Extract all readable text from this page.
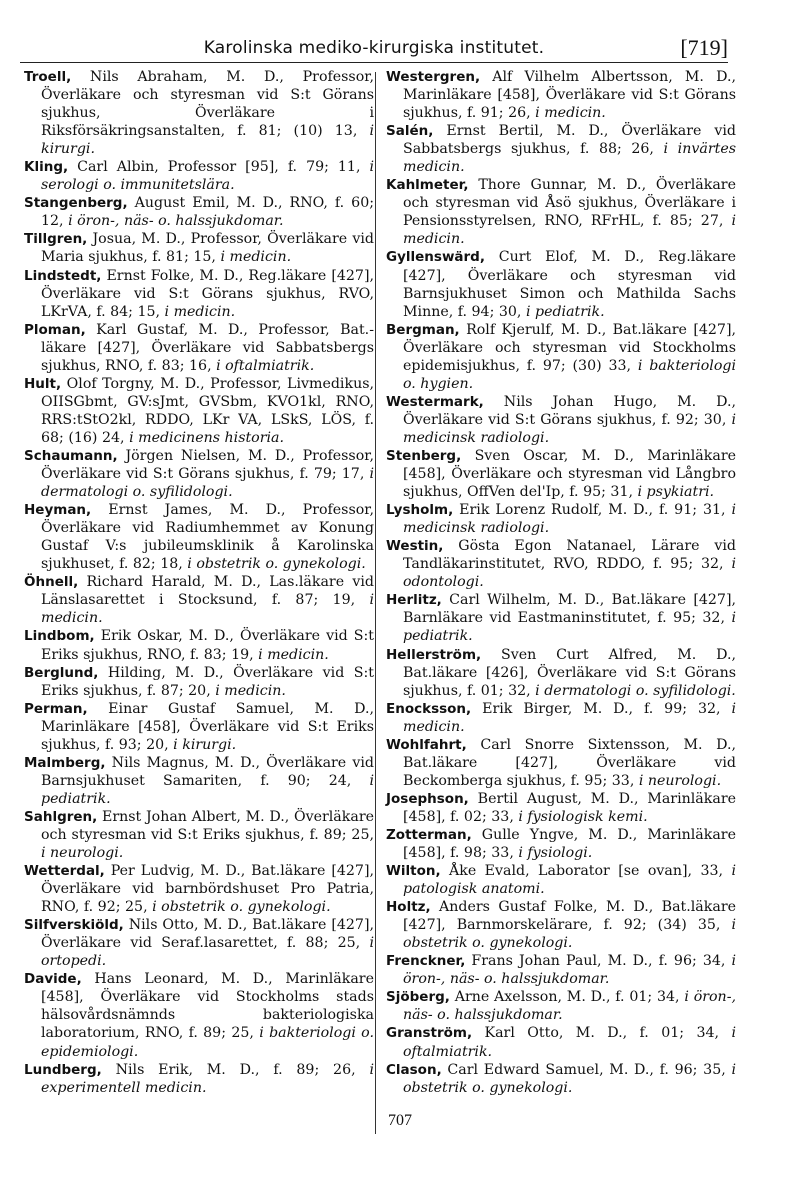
Karolinska mediko-kirurgiska institutet.	[719]
Troell, Nils Abraham, M. D., Professor, Överläkare och styresman vid S:t Görans sjukhus, Överläkare i Riksförsäkringsanstalten, f. 81; (10) 13, i kirurgi.
Kling, Carl Albin, Professor [95], f. 79; 11, i serologi o. immunitetslära.
Stangenberg, August Emil, M. D., RNO, f. 60; 12, i öron-, näs- o. halssjukdomar.
Tillgren, Josua, M. D., Professor, Överläkare vid Maria sjukhus, f. 81; 15, i medicin.
Lindstedt, Ernst Folke, M. D., Reg.läkare [427], Överläkare vid S:t Görans sjukhus, RVO, LKrVA, f. 84; 15, i medicin.
Ploman, Karl Gustaf, M. D., Professor, Bat.-läkare [427], Överläkare vid Sabbatsbergs sjukhus, RNO, f. 83; 16, i oftalmiatrik.
Hult, Olof Torgny, M. D., Professor, Livmedikus, OIISGbmt, GV:sJmt, GVSbm, KVO1kl, RNO, RRS:tStO2kl, RDDO, LKr VA, LSkS, LÖS, f. 68; (16) 24, i medicinens historia.
Schaumann, Jörgen Nielsen, M. D., Professor, Överläkare vid S:t Görans sjukhus, f. 79; 17, i dermatologi o. syfilidologi.
Heyman, Ernst James, M. D., Professor, Överläkare vid Radiumhemmet av Konung Gustaf V:s jubileumsklinik å Karolinska sjukhuset, f. 82; 18, i obstetrik o. gynekologi.
Öhnell, Richard Harald, M. D., Las.läkare vid Länslasarettet i Stocksund, f. 87; 19, i medicin.
Lindbom, Erik Oskar, M. D., Överläkare vid S:t Eriks sjukhus, RNO, f. 83; 19, i medicin.
Berglund, Hilding, M. D., Överläkare vid S:t Eriks sjukhus, f. 87; 20, i medicin.
Perman, Einar Gustaf Samuel, M. D., Marinläkare [458], Överläkare vid S:t Eriks sjukhus, f. 93; 20, i kirurgi.
Malmberg, Nils Magnus, M. D., Överläkare vid Barnsjukhuset Samariten, f. 90; 24, i pediatrik.
Sahlgren, Ernst Johan Albert, M. D., Överläkare och styresman vid S:t Eriks sjukhus, f. 89; 25, i neurologi.
Wetterdal, Per Ludvig, M. D., Bat.läkare [427], Överläkare vid barnbördshuset Pro Patria, RNO, f. 92; 25, i obstetrik o. gynekologi.
Silfverskiöld, Nils Otto, M. D., Bat.läkare [427], Överläkare vid Seraf.lasarettet, f. 88; 25, i ortopedi.
Davide, Hans Leonard, M. D., Marinläkare [458], Överläkare vid Stockholms stads hälsovårdsnämnds bakteriologiska laboratorium, RNO, f. 89; 25, i bakteriologi o. epidemiologi.
Lundberg, Nils Erik, M. D., f. 89; 26, i experimentell medicin.
Westergren, Alf Vilhelm Albertsson, M. D., Marinläkare [458], Överläkare vid S:t Görans sjukhus, f. 91; 26, i medicin.
Salén, Ernst Bertil, M. D., Överläkare vid Sabbatsbergs sjukhus, f. 88; 26, i invärtes medicin.
Kahlmeter, Thore Gunnar, M. D., Överläkare och styresman vid Åsö sjukhus, Överläkare i Pensionsstyrelsen, RNO, RFrHL, f. 85; 27, i medicin.
Gyllenswärd, Curt Elof, M. D., Reg.läkare [427], Överläkare och styresman vid Barnsjukhuset Simon och Mathilda Sachs Minne, f. 94; 30, i pediatrik.
Bergman, Rolf Kjerulf, M. D., Bat.läkare [427], Överläkare och styresman vid Stockholms epidemisjukhus, f. 97; (30) 33, i bakteriologi o. hygien.
Westermark, Nils Johan Hugo, M. D., Överläkare vid S:t Görans sjukhus, f. 92; 30, i medicinsk radiologi.
Stenberg, Sven Oscar, M. D., Marinläkare [458], Överläkare och styresman vid Långbro sjukhus, OffVen del'Ip, f. 95; 31, i psykiatri.
Lysholm, Erik Lorenz Rudolf, M. D., f. 91; 31, i medicinsk radiologi.
Westin, Gösta Egon Natanael, Lärare vid Tandläkarinstitutet, RVO, RDDO, f. 95; 32, i odontologi.
Herlitz, Carl Wilhelm, M. D., Bat.läkare [427], Barnläkare vid Eastmaninstitutet, f. 95; 32, i pediatrik.
Hellerström, Sven Curt Alfred, M. D., Bat.läkare [426], Överläkare vid S:t Görans sjukhus, f. 01; 32, i dermatologi o. syfilidologi.
Enocksson, Erik Birger, M. D., f. 99; 32, i medicin.
Wohlfahrt, Carl Snorre Sixtensson, M. D., Bat.läkare [427], Överläkare vid Beckomberga sjukhus, f. 95; 33, i neurologi.
Josephson, Bertil August, M. D., Marinläkare [458], f. 02; 33, i fysiologisk kemi.
Zotterman, Gulle Yngve, M. D., Marinläkare [458], f. 98; 33, i fysiologi.
Wilton, Åke Evald, Laborator [se ovan], 33, i patologisk anatomi.
Holtz, Anders Gustaf Folke, M. D., Bat.läkare [427], Barnmorskelärare, f. 92; (34) 35, i obstetrik o. gynekologi.
Frenckner, Frans Johan Paul, M. D., f. 96; 34, i öron-, näs- o. halssjukdomar.
Sjöberg, Arne Axelsson, M. D., f. 01; 34, i öron-, näs- o. halssjukdomar.
Granström, Karl Otto, M. D., f. 01; 34, i oftalmiatrik.
Clason, Carl Edward Samuel, M. D., f. 96; 35, i obstetrik o. gynekologi.
707
